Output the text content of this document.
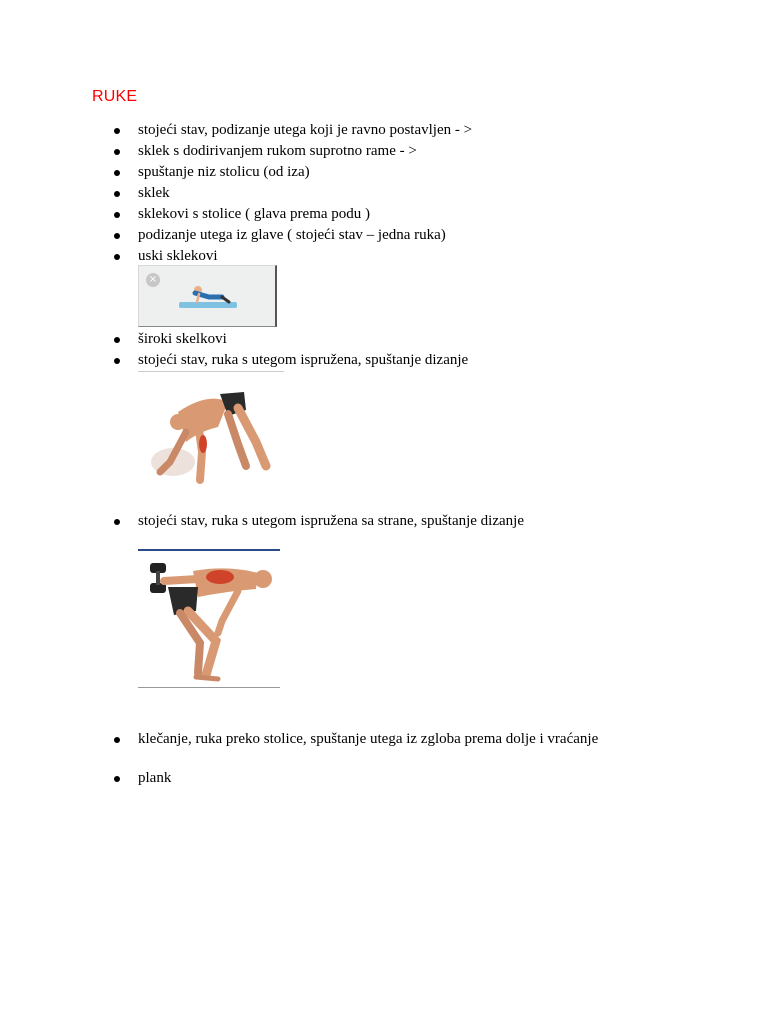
RUKE
stojeći stav, podizanje utega koji je ravno postavljen - >
sklek s dodirivanjem rukom suprotno rame - >
spuštanje niz stolicu (od iza)
sklek
sklekovi s stolice ( glava prema podu )
podizanje utega iz glave ( stojeći stav – jedna ruka)
uski sklekovi
×
široki skelkovi
stojeći stav, ruka s utegom ispružena, spuštanje dizanje
stojeći stav, ruka s utegom ispružena sa strane, spuštanje dizanje
klečanje, ruka preko stolice, spuštanje utega iz zgloba prema dolje i vraćanje
plank
